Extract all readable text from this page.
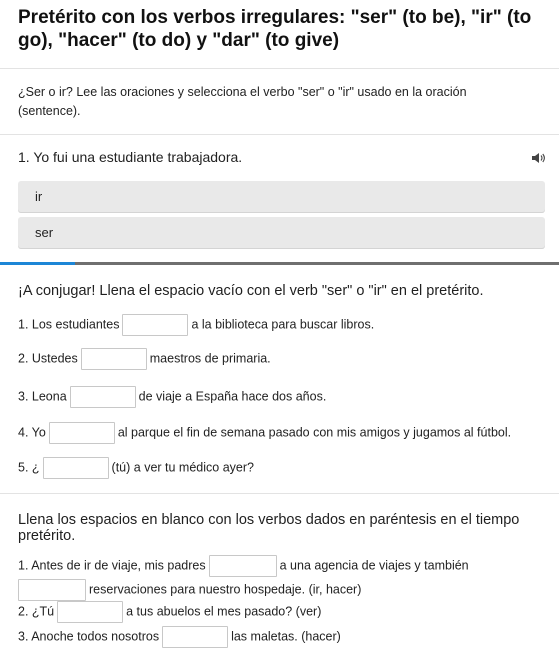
Pretérito con los verbos irregulares: "ser" (to be), "ir" (to go), "hacer" (to do) y "dar" (to give)
¿Ser o ir? Lee las oraciones y selecciona el verbo "ser" o "ir" usado en la oración (sentence).
1. Yo fui una estudiante trabajadora.
ir
ser
¡A conjugar! Llena el espacio vacío con el verb "ser" o "ir" en el pretérito.
1. Los estudiantes	a la biblioteca para buscar libros.
2. Ustedes	maestros de primaria.
3. Leona	de viaje a España hace dos años.
4. Yo	al parque el fin de semana pasado con mis amigos y jugamos al fútbol.
5. ¿	(tú) a ver tu médico ayer?
Llena los espacios en blanco con los verbos dados en paréntesis en el tiempo pretérito.
1. Antes de ir de viaje, mis padres	a una agencia de viajes y también
reservaciones para nuestro hospedaje. (ir, hacer)
2. ¿Tú	a tus abuelos el mes pasado? (ver)
3. Anoche todos nosotros	las maletas. (hacer)
